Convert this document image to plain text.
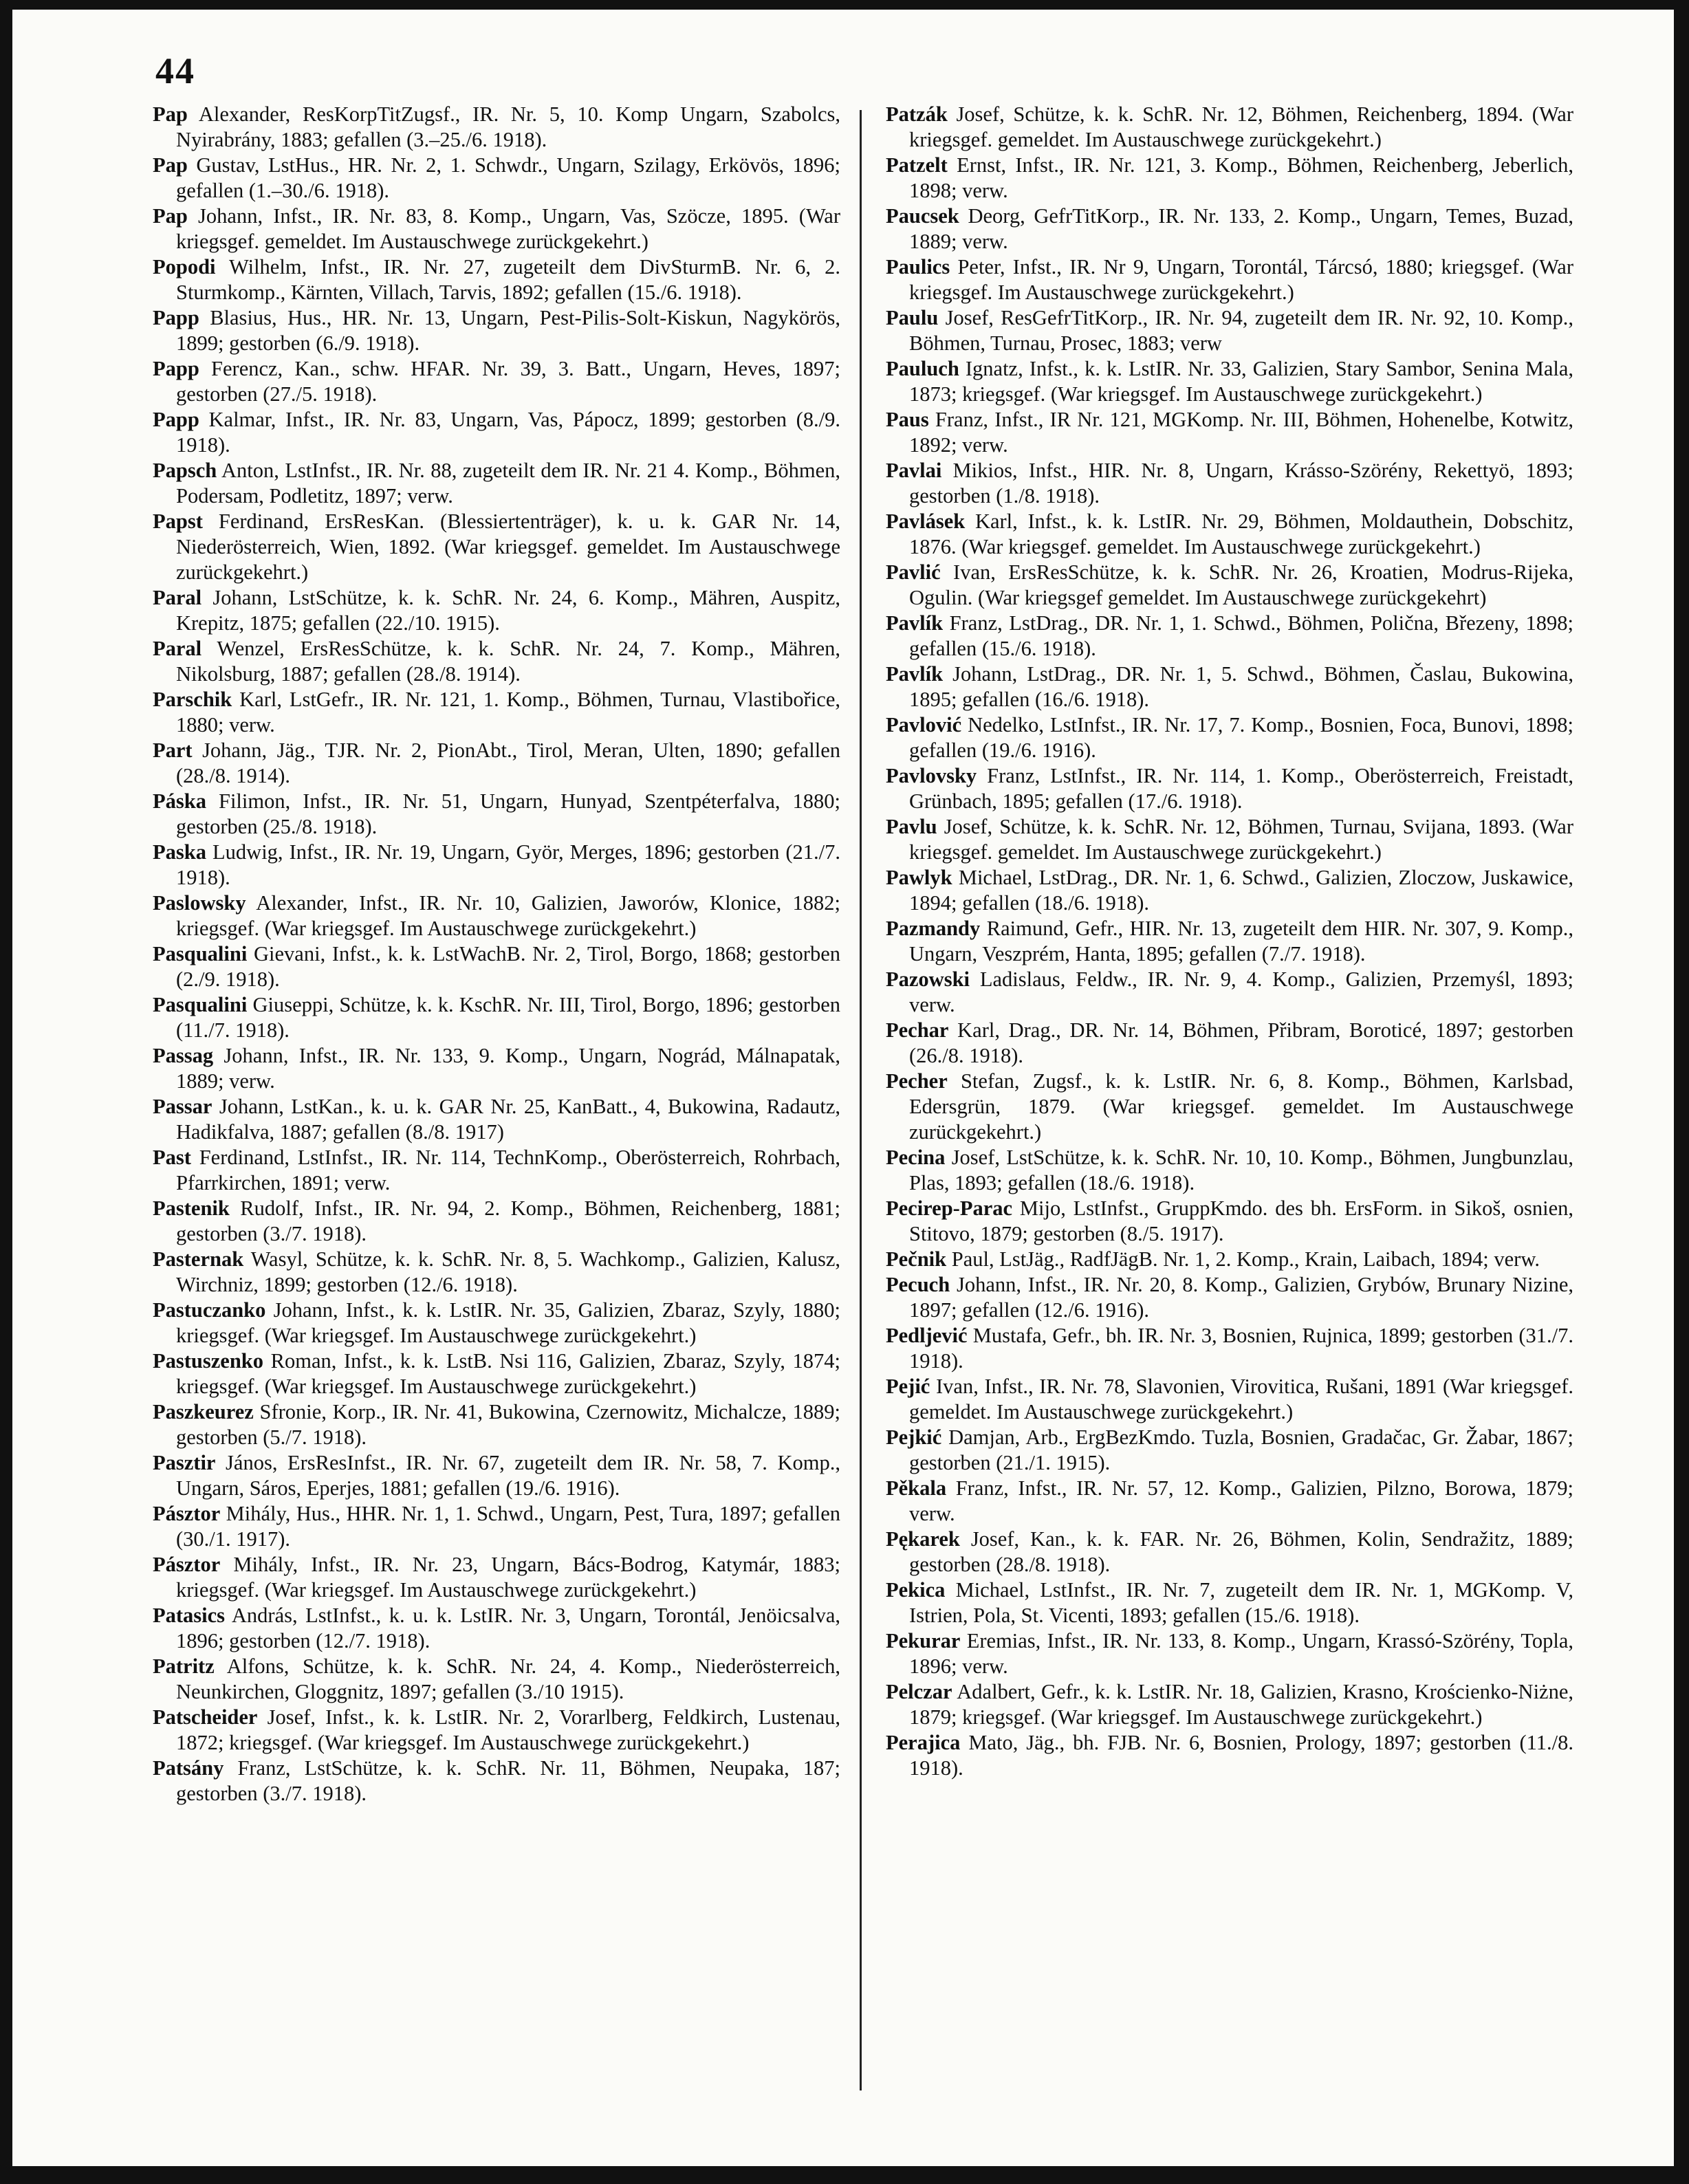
44

Pap Alexander, ResKorpTitZugsf., IR. Nr. 5, 10. Komp Ungarn, Szabolcs, Nyirabrány, 1883; gefallen (3.–25./6. 1918).

Pap Gustav, LstHus., HR. Nr. 2, 1. Schwdr., Ungarn, Szilagy, Erkövös, 1896; gefallen (1.–30./6. 1918).

Pap Johann, Infst., IR. Nr. 83, 8. Komp., Ungarn, Vas, Szöcze, 1895. (War kriegsgef. gemeldet. Im Austauschwege zurückgekehrt.)

Popodi Wilhelm, Infst., IR. Nr. 27, zugeteilt dem DivSturmB. Nr. 6, 2. Sturmkomp., Kärnten, Villach, Tarvis, 1892; gefallen (15./6. 1918).

Papp Blasius, Hus., HR. Nr. 13, Ungarn, Pest-Pilis-Solt-Kiskun, Nagykörös, 1899; gestorben (6./9. 1918).

Papp Ferencz, Kan., schw. HFAR. Nr. 39, 3. Batt., Ungarn, Heves, 1897; gestorben (27./5. 1918).

Papp Kalmar, Infst., IR. Nr. 83, Ungarn, Vas, Pápocz, 1899; gestorben (8./9. 1918).

Papsch Anton, LstInfst., IR. Nr. 88, zugeteilt dem IR. Nr. 21 4. Komp., Böhmen, Podersam, Podletitz, 1897; verw.

Papst Ferdinand, ErsResKan. (Blessiertenträger), k. u. k. GAR Nr. 14, Niederösterreich, Wien, 1892. (War kriegsgef. gemeldet. Im Austauschwege zurückgekehrt.)

Paral Johann, LstSchütze, k. k. SchR. Nr. 24, 6. Komp., Mähren, Auspitz, Krepitz, 1875; gefallen (22./10. 1915).

Paral Wenzel, ErsResSchütze, k. k. SchR. Nr. 24, 7. Komp., Mähren, Nikolsburg, 1887; gefallen (28./8. 1914).

Parschik Karl, LstGefr., IR. Nr. 121, 1. Komp., Böhmen, Turnau, Vlastibořice, 1880; verw.

Part Johann, Jäg., TJR. Nr. 2, PionAbt., Tirol, Meran, Ulten, 1890; gefallen (28./8. 1914).

Páska Filimon, Infst., IR. Nr. 51, Ungarn, Hunyad, Szentpéterfalva, 1880; gestorben (25./8. 1918).

Paska Ludwig, Infst., IR. Nr. 19, Ungarn, Györ, Merges, 1896; gestorben (21./7. 1918).

Paslowsky Alexander, Infst., IR. Nr. 10, Galizien, Jaworów, Klonice, 1882; kriegsgef. (War kriegsgef. Im Austauschwege zurückgekehrt.)

Pasqualini Gievani, Infst., k. k. LstWachB. Nr. 2, Tirol, Borgo, 1868; gestorben (2./9. 1918).

Pasqualini Giuseppi, Schütze, k. k. KschR. Nr. III, Tirol, Borgo, 1896; gestorben (11./7. 1918).

Passag Johann, Infst., IR. Nr. 133, 9. Komp., Ungarn, Nográd, Málnapatak, 1889; verw.

Passar Johann, LstKan., k. u. k. GAR Nr. 25, KanBatt., 4, Bukowina, Radautz, Hadikfalva, 1887; gefallen (8./8. 1917)

Past Ferdinand, LstInfst., IR. Nr. 114, TechnKomp., Oberösterreich, Rohrbach, Pfarrkirchen, 1891; verw.

Pastenik Rudolf, Infst., IR. Nr. 94, 2. Komp., Böhmen, Reichenberg, 1881; gestorben (3./7. 1918).

Pasternak Wasyl, Schütze, k. k. SchR. Nr. 8, 5. Wachkomp., Galizien, Kalusz, Wirchniz, 1899; gestorben (12./6. 1918).

Pastuczanko Johann, Infst., k. k. LstIR. Nr. 35, Galizien, Zbaraz, Szyly, 1880; kriegsgef. (War kriegsgef. Im Austauschwege zurückgekehrt.)

Pastuszenko Roman, Infst., k. k. LstB. Nsi 116, Galizien, Zbaraz, Szyly, 1874; kriegsgef. (War kriegsgef. Im Austauschwege zurückgekehrt.)

Paszkeurez Sfronie, Korp., IR. Nr. 41, Bukowina, Czernowitz, Michalcze, 1889; gestorben (5./7. 1918).

Pasztir János, ErsResInfst., IR. Nr. 67, zugeteilt dem IR. Nr. 58, 7. Komp., Ungarn, Sáros, Eperjes, 1881; gefallen (19./6. 1916).

Pásztor Mihály, Hus., HHR. Nr. 1, 1. Schwd., Ungarn, Pest, Tura, 1897; gefallen (30./1. 1917).

Pásztor Mihály, Infst., IR. Nr. 23, Ungarn, Bács-Bodrog, Katymár, 1883; kriegsgef. (War kriegsgef. Im Austauschwege zurückgekehrt.)

Patasics András, LstInfst., k. u. k. LstIR. Nr. 3, Ungarn, Torontál, Jenöicsalva, 1896; gestorben (12./7. 1918).

Patritz Alfons, Schütze, k. k. SchR. Nr. 24, 4. Komp., Niederösterreich, Neunkirchen, Gloggnitz, 1897; gefallen (3./10 1915).

Patscheider Josef, Infst., k. k. LstIR. Nr. 2, Vorarlberg, Feldkirch, Lustenau, 1872; kriegsgef. (War kriegsgef. Im Austauschwege zurückgekehrt.)

Patsány Franz, LstSchütze, k. k. SchR. Nr. 11, Böhmen, Neupaka, 187; gestorben (3./7. 1918).

Patzák Josef, Schütze, k. k. SchR. Nr. 12, Böhmen, Reichenberg, 1894. (War kriegsgef. gemeldet. Im Austauschwege zurückgekehrt.)

Patzelt Ernst, Infst., IR. Nr. 121, 3. Komp., Böhmen, Reichenberg, Jeberlich, 1898; verw.

Paucsek Deorg, GefrTitKorp., IR. Nr. 133, 2. Komp., Ungarn, Temes, Buzad, 1889; verw.

Paulics Peter, Infst., IR. Nr 9, Ungarn, Torontál, Tárcsó, 1880; kriegsgef. (War kriegsgef. Im Austauschwege zurückgekehrt.)

Paulu Josef, ResGefrTitKorp., IR. Nr. 94, zugeteilt dem IR. Nr. 92, 10. Komp., Böhmen, Turnau, Prosec, 1883; verw

Pauluch Ignatz, Infst., k. k. LstIR. Nr. 33, Galizien, Stary Sambor, Senina Mala, 1873; kriegsgef. (War kriegsgef. Im Austauschwege zurückgekehrt.)

Paus Franz, Infst., IR Nr. 121, MGKomp. Nr. III, Böhmen, Hohenelbe, Kotwitz, 1892; verw.

Pavlai Mikios, Infst., HIR. Nr. 8, Ungarn, Krásso-Szörény, Rekettyö, 1893; gestorben (1./8. 1918).

Pavlásek Karl, Infst., k. k. LstIR. Nr. 29, Böhmen, Moldauthein, Dobschitz, 1876. (War kriegsgef. gemeldet. Im Austauschwege zurückgekehrt.)

Pavlić Ivan, ErsResSchütze, k. k. SchR. Nr. 26, Kroatien, Modrus-Rijeka, Ogulin. (War kriegsgef gemeldet. Im Austauschwege zurückgekehrt)

Pavlík Franz, LstDrag., DR. Nr. 1, 1. Schwd., Böhmen, Polična, Březeny, 1898; gefallen (15./6. 1918).

Pavlík Johann, LstDrag., DR. Nr. 1, 5. Schwd., Böhmen, Časlau, Bukowina, 1895; gefallen (16./6. 1918).

Pavlović Nedelko, LstInfst., IR. Nr. 17, 7. Komp., Bosnien, Foca, Bunovi, 1898; gefallen (19./6. 1916).

Pavlovsky Franz, LstInfst., IR. Nr. 114, 1. Komp., Oberösterreich, Freistadt, Grünbach, 1895; gefallen (17./6. 1918).

Pavlu Josef, Schütze, k. k. SchR. Nr. 12, Böhmen, Turnau, Svijana, 1893. (War kriegsgef. gemeldet. Im Austauschwege zurückgekehrt.)

Pawlyk Michael, LstDrag., DR. Nr. 1, 6. Schwd., Galizien, Zloczow, Juskawice, 1894; gefallen (18./6. 1918).

Pazmandy Raimund, Gefr., HIR. Nr. 13, zugeteilt dem HIR. Nr. 307, 9. Komp., Ungarn, Veszprém, Hanta, 1895; gefallen (7./7. 1918).

Pazowski Ladislaus, Feldw., IR. Nr. 9, 4. Komp., Galizien, Przemyśl, 1893; verw.

Pechar Karl, Drag., DR. Nr. 14, Böhmen, Přibram, Boroticé, 1897; gestorben (26./8. 1918).

Pecher Stefan, Zugsf., k. k. LstIR. Nr. 6, 8. Komp., Böhmen, Karlsbad, Edersgrün, 1879. (War kriegsgef. gemeldet. Im Austauschwege zurückgekehrt.)

Pecina Josef, LstSchütze, k. k. SchR. Nr. 10, 10. Komp., Böhmen, Jungbunzlau, Plas, 1893; gefallen (18./6. 1918).

Pecirep-Parac Mijo, LstInfst., GruppKmdo. des bh. ErsForm. in Sikoš, osnien, Stitovo, 1879; gestorben (8./5. 1917).

Pečnik Paul, LstJäg., RadfJägB. Nr. 1, 2. Komp., Krain, Laibach, 1894; verw.

Pecuch Johann, Infst., IR. Nr. 20, 8. Komp., Galizien, Grybów, Brunary Nizine, 1897; gefallen (12./6. 1916).

Pedljević Mustafa, Gefr., bh. IR. Nr. 3, Bosnien, Rujnica, 1899; gestorben (31./7. 1918).

Pejić Ivan, Infst., IR. Nr. 78, Slavonien, Virovitica, Rušani, 1891 (War kriegsgef. gemeldet. Im Austauschwege zurückgekehrt.)

Pejkić Damjan, Arb., ErgBezKmdo. Tuzla, Bosnien, Gradačac, Gr. Žabar, 1867; gestorben (21./1. 1915).

Pěkala Franz, Infst., IR. Nr. 57, 12. Komp., Galizien, Pilzno, Borowa, 1879; verw.

Pękarek Josef, Kan., k. k. FAR. Nr. 26, Böhmen, Kolin, Sendražitz, 1889; gestorben (28./8. 1918).

Pekica Michael, LstInfst., IR. Nr. 7, zugeteilt dem IR. Nr. 1, MGKomp. V, Istrien, Pola, St. Vicenti, 1893; gefallen (15./6. 1918).

Pekurar Eremias, Infst., IR. Nr. 133, 8. Komp., Ungarn, Krassó-Szörény, Topla, 1896; verw.

Pelczar Adalbert, Gefr., k. k. LstIR. Nr. 18, Galizien, Krasno, Krościenko-Niżne, 1879; kriegsgef. (War kriegsgef. Im Austauschwege zurückgekehrt.)

Perajica Mato, Jäg., bh. FJB. Nr. 6, Bosnien, Prology, 1897; gestorben (11./8. 1918).
